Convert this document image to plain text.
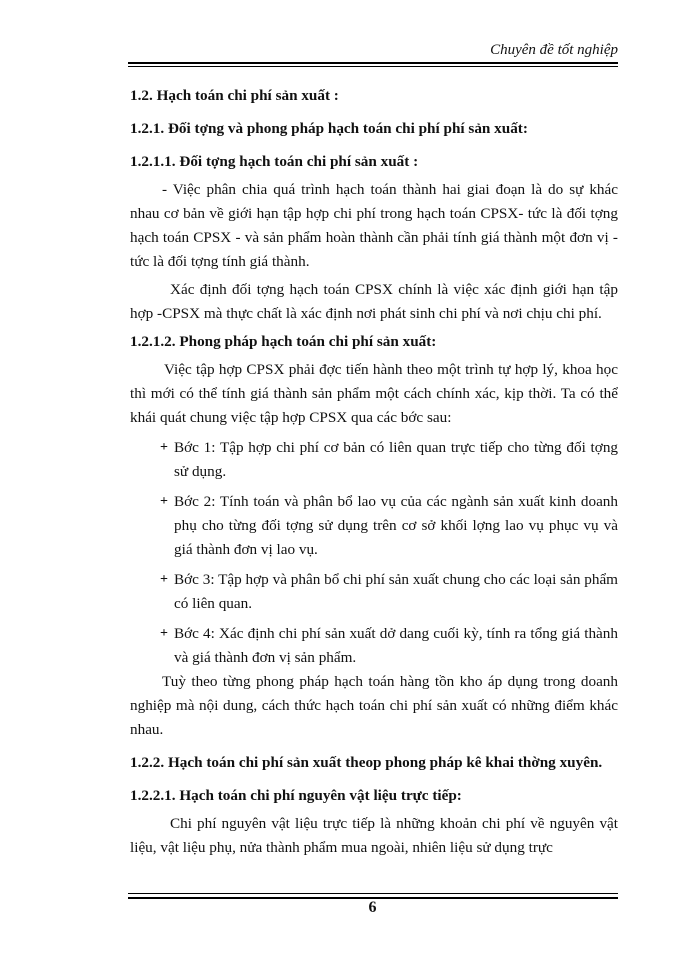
Chuyên đề tốt nghiệp

1.2. Hạch toán chi phí sản xuất :

1.2.1. Đối tợng và phong pháp hạch toán chi phí phí sản xuất:

1.2.1.1. Đối tợng hạch toán chi phí sản xuất :

- Việc phân chia quá trình hạch toán thành hai giai đoạn là do sự khác nhau cơ bản về giới hạn tập hợp chi phí trong hạch toán CPSX- tức là đối tợng hạch toán CPSX - và sản phẩm hoàn thành cần phải tính giá thành một đơn vị - tức là đối tợng tính giá thành.

Xác định đối tợng hạch toán CPSX chính là việc xác định giới hạn tập hợp -CPSX mà thực chất là xác định nơi phát sinh chi phí và nơi chịu chi phí.

1.2.1.2. Phong pháp hạch toán chi phí sản xuất:

Việc tập hợp CPSX phải đợc tiến hành theo một trình tự hợp lý, khoa học thì mới có thể tính giá thành sản phẩm một cách chính xác, kịp thời. Ta có thể khái quát chung việc tập hợp CPSX qua các bớc sau:

+ Bớc 1: Tập hợp chi phí cơ bản có liên quan trực tiếp cho từng đối tợng sử dụng.
+ Bớc 2: Tính toán và phân bổ lao vụ của các ngành sản xuất kinh doanh phụ cho từng đối tợng sử dụng trên cơ sở khối lợng lao vụ phục vụ và giá thành đơn vị lao vụ.
+ Bớc 3: Tập hợp và phân bổ chi phí sản xuất chung cho các loại sản phẩm có liên quan.
+ Bớc 4: Xác định chi phí sản xuất dở dang cuối kỳ, tính ra tổng giá thành và giá thành đơn vị sản phẩm.

Tuỳ theo từng phong pháp hạch toán hàng tồn kho áp dụng trong doanh nghiệp mà nội dung, cách thức hạch toán chi phí sản xuất có những điểm khác nhau.

1.2.2. Hạch toán chi phí sản xuất theop phong pháp kê khai thờng xuyên.

1.2.2.1. Hạch toán chi phí nguyên vật liệu trực tiếp:

Chi phí nguyên vật liệu trực tiếp là những khoản chi phí về nguyên vật liệu, vật liệu phụ, nửa thành phẩm mua ngoài, nhiên liệu sử dụng trực

6
